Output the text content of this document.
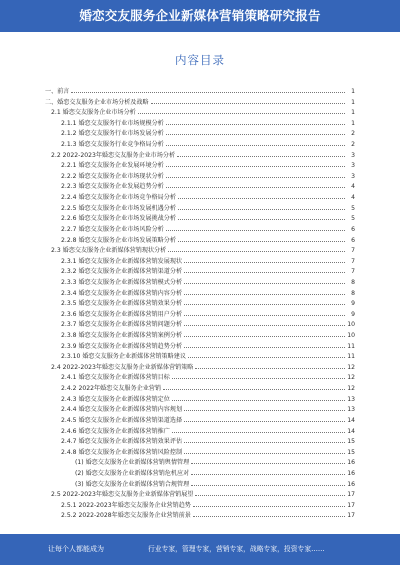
婚恋交友服务企业新媒体营销策略研究报告
内容目录
一、前言	1
二、婚恋交友服务企业市场分析及战略	1
2.1 婚恋交友服务企业市场分析	1
2.1.1 婚恋交友服务行业市场规模分析	1
2.1.2 婚恋交友服务行业市场发展分析	2
2.1.3 婚恋交友服务行业竞争格局分析	2
2.2 2022-2023年婚恋交友服务企业市场分析	3
2.2.1 婚恋交友服务企业发展环境分析	3
2.2.2 婚恋交友服务企业市场现状分析	3
2.2.3 婚恋交友服务企业发展趋势分析	4
2.2.4 婚恋交友服务企业市场竞争格局分析	4
2.2.5 婚恋交友服务企业市场发展机遇分析	5
2.2.6 婚恋交友服务企业市场发展挑战分析	5
2.2.7 婚恋交友服务企业市场风险分析	6
2.2.8 婚恋交友服务企业市场发展策略分析	6
2.3 婚恋交友服务企业新媒体营销现状分析	7
2.3.1 婚恋交友服务企业新媒体营销发展现状	7
2.3.2 婚恋交友服务企业新媒体营销渠道分析	7
2.3.3 婚恋交友服务企业新媒体营销模式分析	8
2.3.4 婚恋交友服务企业新媒体营销内容分析	8
2.3.5 婚恋交友服务企业新媒体营销效果分析	9
2.3.6 婚恋交友服务企业新媒体营销用户分析	9
2.3.7 婚恋交友服务企业新媒体营销问题分析	10
2.3.8 婚恋交友服务企业新媒体营销案例分析	10
2.3.9 婚恋交友服务企业新媒体营销趋势分析	11
2.3.10 婚恋交友服务企业新媒体营销策略建议	11
2.4 2022-2023年婚恋交友服务企业新媒体营销策略	12
2.4.1 婚恋交友服务企业新媒体营销目标	12
2.4.2 2022年婚恋交友服务企业营销	12
2.4.3 婚恋交友服务企业新媒体营销定位	13
2.4.4 婚恋交友服务企业新媒体营销内容规划	13
2.4.5 婚恋交友服务企业新媒体营销渠道选择	14
2.4.6 婚恋交友服务企业新媒体营销推广	14
2.4.7 婚恋交友服务企业新媒体营销效果评估	15
2.4.8 婚恋交友服务企业新媒体营销风险控制	15
(1) 婚恋交友服务企业新媒体营销舆情管理	16
(2) 婚恋交友服务企业新媒体营销危机应对	16
(3) 婚恋交友服务企业新媒体营销合规管理	16
2.5 2022-2023年婚恋交友服务企业新媒体营销展望	17
2.5.1 2022-2023年婚恋交友服务企业营销趋势	17
2.5.2 2022-2028年婚恋交友服务企业营销前景	17
让每个人都能成为	行业专家，管理专家，营销专家，战略专家，投资专家……
